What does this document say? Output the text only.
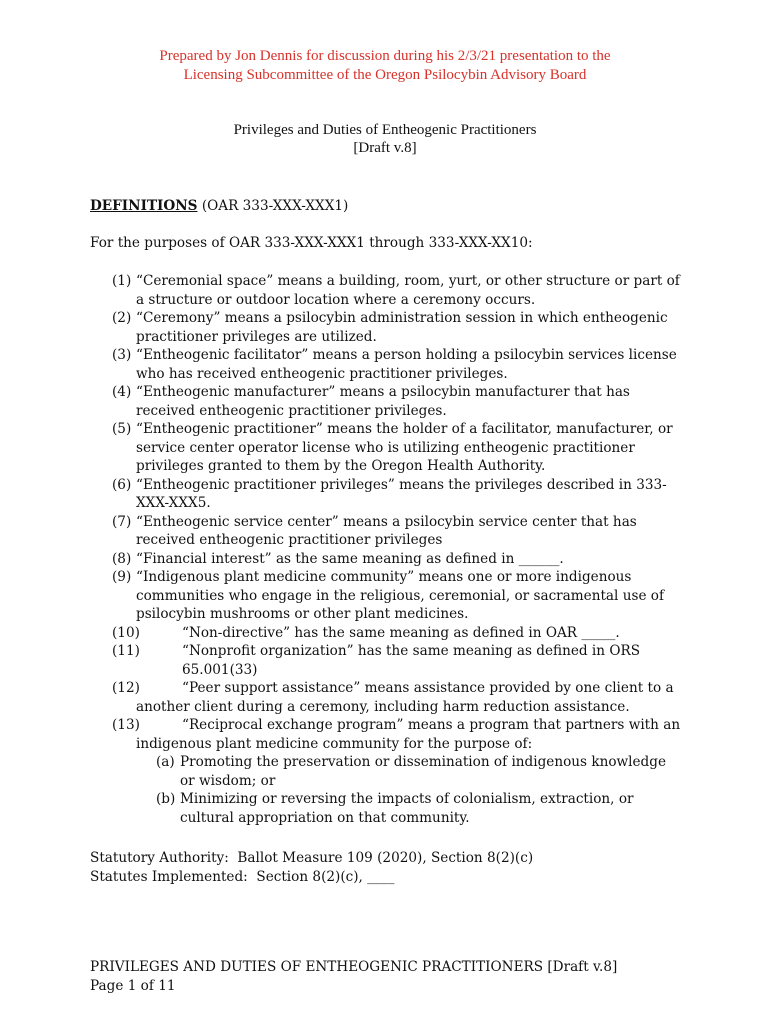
Prepared by Jon Dennis for discussion during his 2/3/21 presentation to the
Licensing Subcommittee of the Oregon Psilocybin Advisory Board
Privileges and Duties of Entheogenic Practitioners
[Draft v.8]
DEFINITIONS (OAR 333-XXX-XXX1)
For the purposes of OAR 333-XXX-XXX1 through 333-XXX-XX10:
(1) “Ceremonial space” means a building, room, yurt, or other structure or part of a structure or outdoor location where a ceremony occurs.
(2) “Ceremony” means a psilocybin administration session in which entheogenic practitioner privileges are utilized.
(3) “Entheogenic facilitator” means a person holding a psilocybin services license who has received entheogenic practitioner privileges.
(4) “Entheogenic manufacturer” means a psilocybin manufacturer that has received entheogenic practitioner privileges.
(5) “Entheogenic practitioner” means the holder of a facilitator, manufacturer, or service center operator license who is utilizing entheogenic practitioner privileges granted to them by the Oregon Health Authority.
(6) “Entheogenic practitioner privileges” means the privileges described in 333-XXX-XXX5.
(7) “Entheogenic service center” means a psilocybin service center that has received entheogenic practitioner privileges
(8) “Financial interest” as the same meaning as defined in ______.
(9) “Indigenous plant medicine community” means one or more indigenous communities who engage in the religious, ceremonial, or sacramental use of psilocybin mushrooms or other plant medicines.
(10)	“Non-directive” has the same meaning as defined in OAR _____.
(11)	“Nonprofit organization” has the same meaning as defined in ORS 65.001(33)
(12)	“Peer support assistance” means assistance provided by one client to a another client during a ceremony, including harm reduction assistance.
(13)	“Reciprocal exchange program” means a program that partners with an indigenous plant medicine community for the purpose of:
(a) Promoting the preservation or dissemination of indigenous knowledge or wisdom; or
(b) Minimizing or reversing the impacts of colonialism, extraction, or cultural appropriation on that community.
Statutory Authority:  Ballot Measure 109 (2020), Section 8(2)(c)
Statutes Implemented:  Section 8(2)(c), ____
PRIVILEGES AND DUTIES OF ENTHEOGENIC PRACTITIONERS [Draft v.8]
Page 1 of 11
